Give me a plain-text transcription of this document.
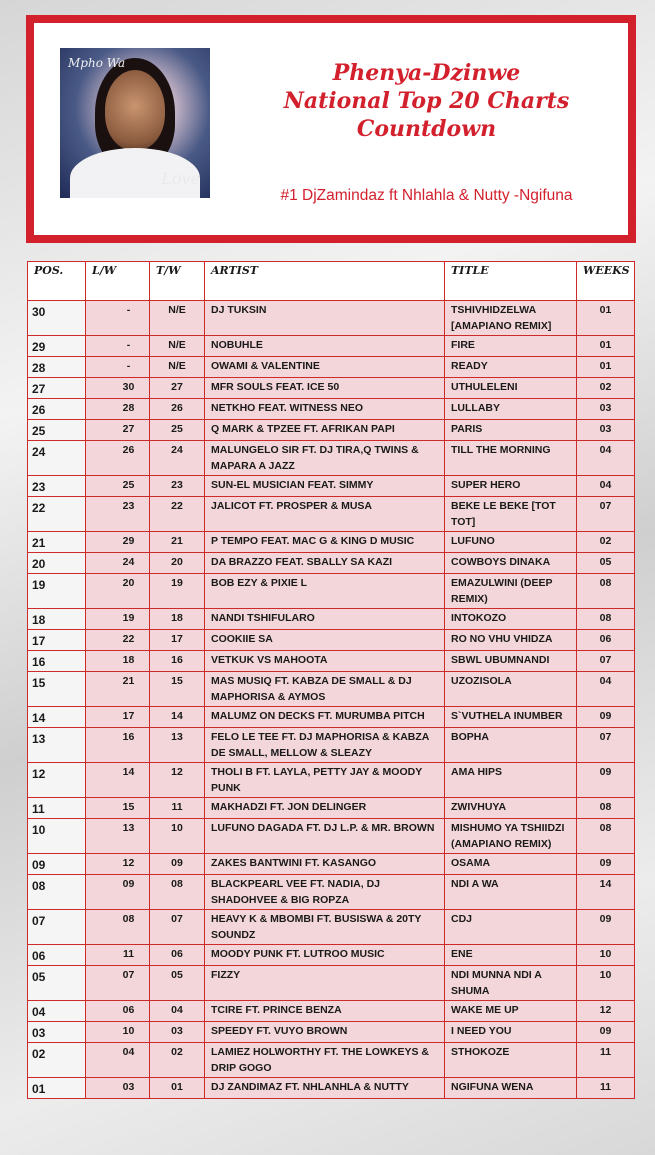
Mpho Wa
Love
Phenya-Dzinwe
National Top 20 Charts
Countdown
#1 DjZamindaz ft Nhlahla & Nutty -Ngifuna
POS.	L/W	T/W	ARTIST	TITLE	WEEKS
30	-	N/E	DJ TUKSIN	TSHIVHIDZELWA [AMAPIANO REMIX]	01
29	-	N/E	NOBUHLE	FIRE	01
28	-	N/E	OWAMI & VALENTINE	READY	01
27	30	27	MFR SOULS FEAT. ICE 50	UTHULELENI	02
26	28	26	NETKHO FEAT. WITNESS NEO	LULLABY	03
25	27	25	Q MARK & TPZEE FT. AFRIKAN PAPI	PARIS	03
24	26	24	MALUNGELO SIR FT. DJ TIRA,Q TWINS & MAPARA A JAZZ	TILL THE MORNING	04
23	25	23	SUN-EL MUSICIAN FEAT. SIMMY	SUPER HERO	04
22	23	22	JALICOT FT. PROSPER & MUSA	BEKE LE BEKE [TOT TOT]	07
21	29	21	P TEMPO FEAT. MAC G & KING D MUSIC	LUFUNO	02
20	24	20	DA BRAZZO FEAT. SBALLY SA KAZI	COWBOYS DINAKA	05
19	20	19	BOB EZY & PIXIE L	EMAZULWINI (DEEP REMIX)	08
18	19	18	NANDI TSHIFULARO	INTOKOZO	08
17	22	17	COOKIIE SA	RO NO VHU VHIDZA	06
16	18	16	VETKUK VS MAHOOTA	SBWL UBUMNANDI	07
15	21	15	MAS MUSIQ FT. KABZA DE SMALL & DJ MAPHORISA & AYMOS	UZOZISOLA	04
14	17	14	MALUMZ ON DECKS FT. MURUMBA PITCH	S`VUTHELA INUMBER	09
13	16	13	FELO LE TEE FT. DJ MAPHORISA & KABZA DE SMALL, MELLOW & SLEAZY	BOPHA	07
12	14	12	THOLI B FT. LAYLA, PETTY JAY & MOODY PUNK	AMA HIPS	09
11	15	11	MAKHADZI FT. JON DELINGER	ZWIVHUYA	08
10	13	10	LUFUNO DAGADA FT. DJ L.P. & MR. BROWN	MISHUMO YA TSHIIDZI (AMAPIANO REMIX)	08
09	12	09	ZAKES BANTWINI FT. KASANGO	OSAMA	09
08	09	08	BLACKPEARL VEE FT. NADIA, DJ SHADOHVEE & BIG ROPZA	NDI A WA	14
07	08	07	HEAVY K & MBOMBI FT. BUSISWA & 20TY SOUNDZ	CDJ	09
06	11	06	MOODY PUNK FT. LUTROO MUSIC	ENE	10
05	07	05	FIZZY	NDI MUNNA NDI A SHUMA	10
04	06	04	TCIRE FT. PRINCE BENZA	WAKE ME UP	12
03	10	03	SPEEDY FT. VUYO BROWN	I NEED YOU	09
02	04	02	LAMIEZ HOLWORTHY FT. THE LOWKEYS & DRIP GOGO	STHOKOZE	11
01	03	01	DJ ZANDIMAZ FT. NHLANHLA & NUTTY	NGIFUNA WENA	11
